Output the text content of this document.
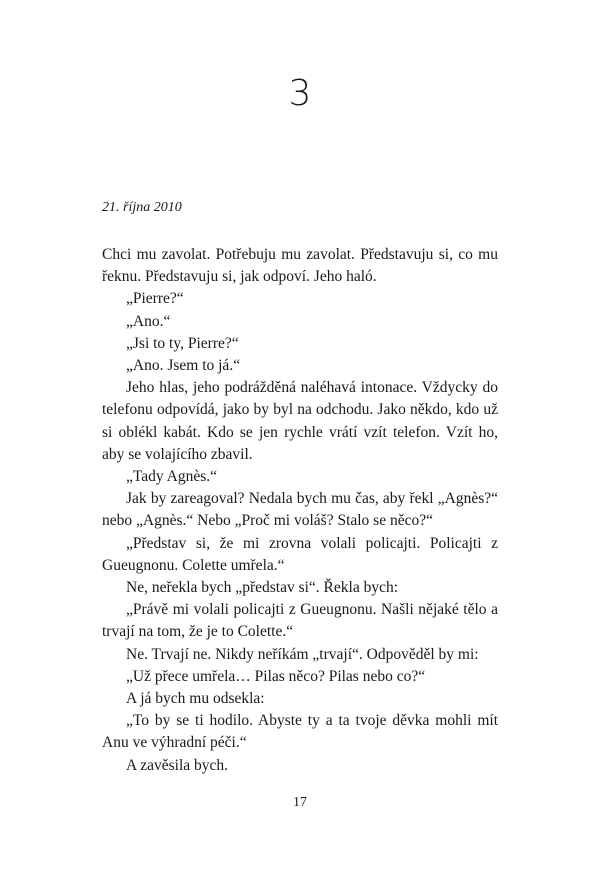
3
21. října 2010

Chci mu zavolat. Potřebuju mu zavolat. Představuju si, co mu řeknu. Představuju si, jak odpoví. Jeho haló.

„Pierre?“

„Ano.“

„Jsi to ty, Pierre?“

„Ano. Jsem to já.“

Jeho hlas, jeho podrážděná naléhavá intonace. Vždycky do telefonu odpovídá, jako by byl na odchodu. Jako někdo, kdo už si oblékl kabát. Kdo se jen rychle vrátí vzít telefon. Vzít ho, aby se volajícího zbavil.

„Tady Agnès.“

Jak by zareagoval? Nedala bych mu čas, aby řekl „Agnès?“ nebo „Agnès.“ Nebo „Proč mi voláš? Stalo se něco?“

„Představ si, že mi zrovna volali policajti. Policajti z Gueugnonu. Colette umřela.“

Ne, neřekla bych „představ si“. Řekla bych:

„Právě mi volali policajti z Gueugnonu. Našli nějaké tělo a trvají na tom, že je to Colette.“

Ne. Trvají ne. Nikdy neříkám „trvají“. Odpověděl by mi:

„Už přece umřela… Pilas něco? Pilas nebo co?“

A já bych mu odsekla:

„To by se ti hodilo. Abyste ty a ta tvoje děvka mohli mít Anu ve výhradní péči.“

A zavěsila bych.

17
